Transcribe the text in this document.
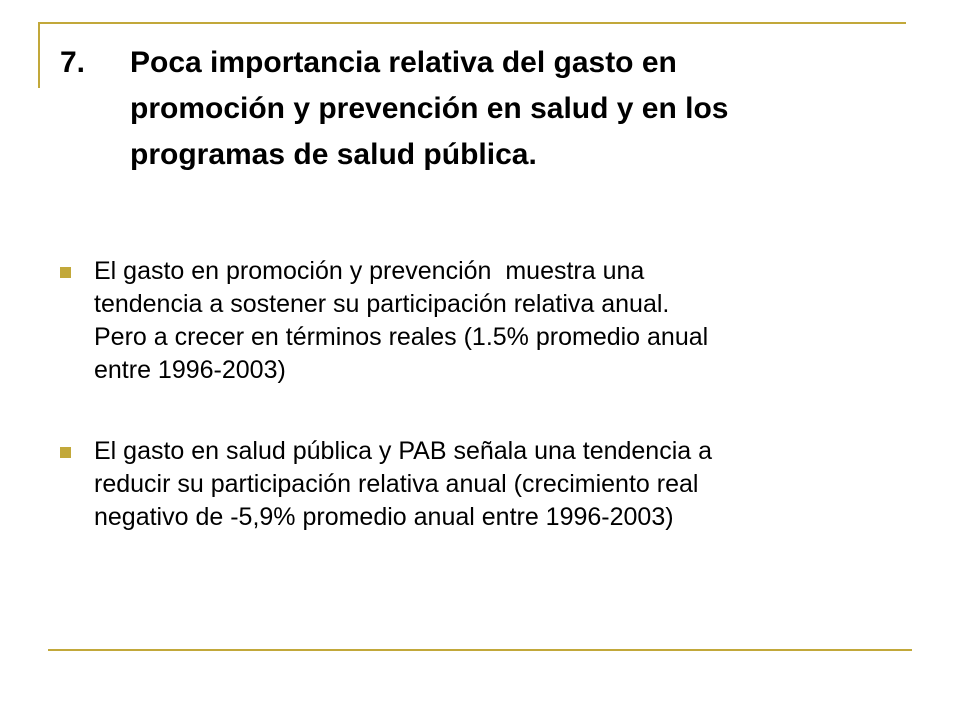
7.	Poca importancia relativa del gasto en
promoción y prevención en salud y en los
programas de salud pública.
El gasto en promoción y prevención  muestra una
tendencia a sostener su participación relativa anual.
Pero a crecer en términos reales (1.5% promedio anual
entre 1996-2003)
El gasto en salud pública y PAB señala una tendencia a
reducir su participación relativa anual (crecimiento real
negativo de -5,9% promedio anual entre 1996-2003)
